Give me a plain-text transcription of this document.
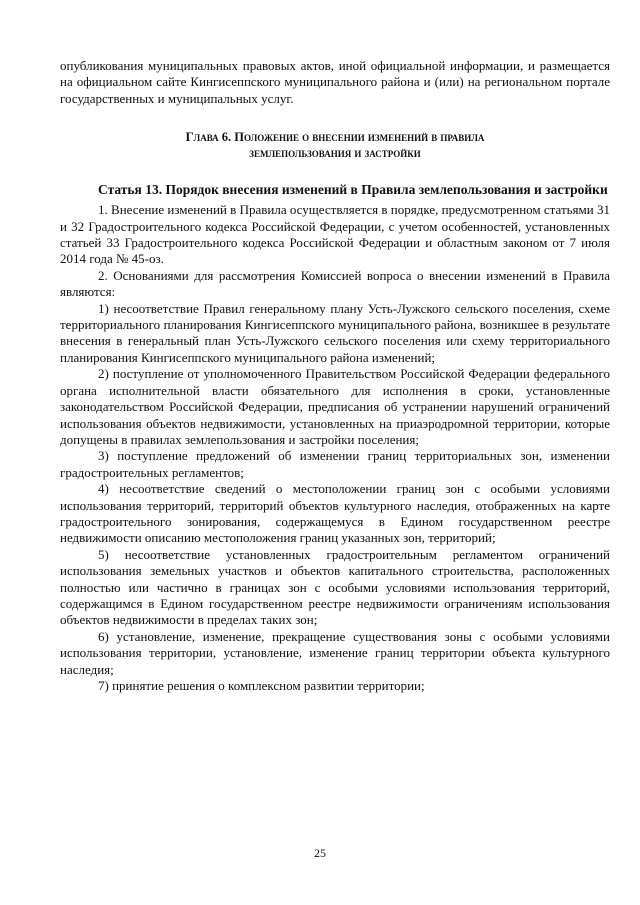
опубликования муниципальных правовых актов, иной официальной информации, и размещается на официальном сайте Кингисеппского муниципального района и (или) на региональном портале государственных и муниципальных услуг.

Глава 6. Положение о внесении изменений в правила
землепользования и застройки

Статья 13. Порядок внесения изменений в Правила землепользования и застройки

1. Внесение изменений в Правила осуществляется в порядке, предусмотренном статьями 31 и 32 Градостроительного кодекса Российской Федерации, с учетом особенностей, установленных статьей 33 Градостроительного кодекса Российской Федерации и областным законом от 7 июля 2014 года № 45-оз.

2. Основаниями для рассмотрения Комиссией вопроса о внесении изменений в Правила являются:

1) несоответствие Правил генеральному плану Усть-Лужского сельского поселения, схеме территориального планирования Кингисеппского муниципального района, возникшее в результате внесения в генеральный план Усть-Лужского сельского поселения или схему территориального планирования Кингисеппского муниципального района изменений;

2) поступление от уполномоченного Правительством Российской Федерации федерального органа исполнительной власти обязательного для исполнения в сроки, установленные законодательством Российской Федерации, предписания об устранении нарушений ограничений использования объектов недвижимости, установленных на приаэродромной территории, которые допущены в правилах землепользования и застройки поселения;

3) поступление предложений об изменении границ территориальных зон, изменении градостроительных регламентов;

4) несоответствие сведений о местоположении границ зон с особыми условиями использования территорий, территорий объектов культурного наследия, отображенных на карте градостроительного зонирования, содержащемуся в Едином государственном реестре недвижимости описанию местоположения границ указанных зон, территорий;

5) несоответствие установленных градостроительным регламентом ограничений использования земельных участков и объектов капитального строительства, расположенных полностью или частично в границах зон с особыми условиями использования территорий, содержащимся в Едином государственном реестре недвижимости ограничениям использования объектов недвижимости в пределах таких зон;

6) установление, изменение, прекращение существования зоны с особыми условиями использования территории, установление, изменение границ территории объекта культурного наследия;

7) принятие решения о комплексном развитии территории;

25
